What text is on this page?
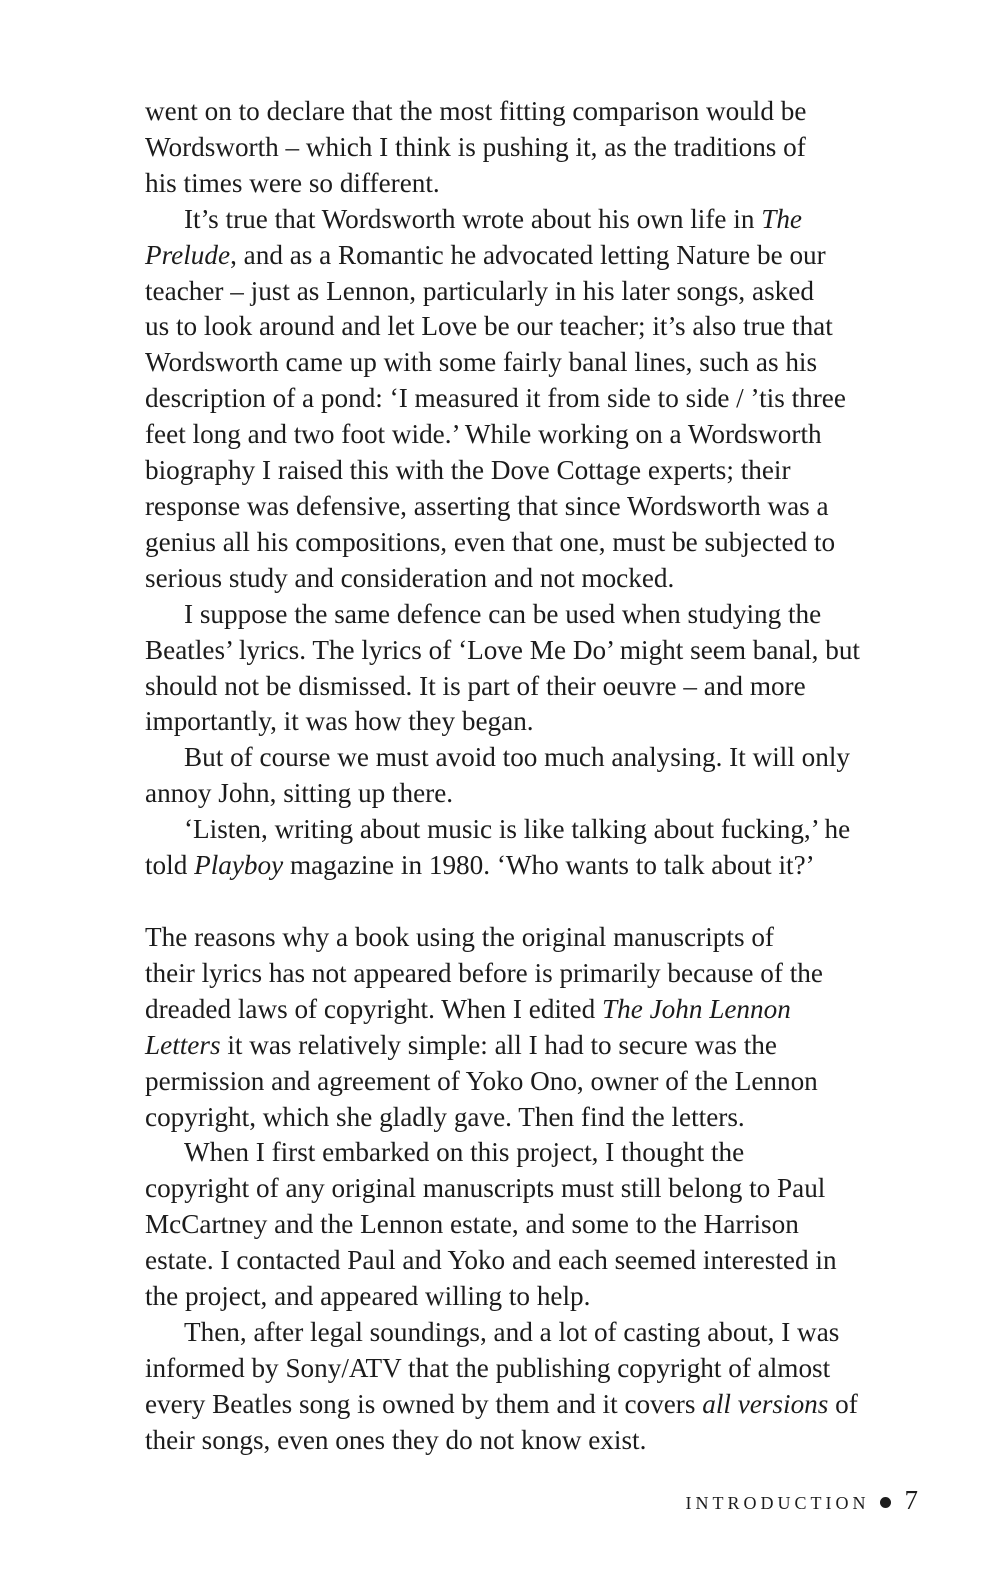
went on to declare that the most fitting comparison would be
Wordsworth – which I think is pushing it, as the traditions of
his times were so different.
It’s true that Wordsworth wrote about his own life in The
Prelude, and as a Romantic he advocated letting Nature be our
teacher – just as Lennon, particularly in his later songs, asked
us to look around and let Love be our teacher; it’s also true that
Wordsworth came up with some fairly banal lines, such as his
description of a pond: ‘I measured it from side to side / ’tis three
feet long and two foot wide.’ While working on a Wordsworth
biography I raised this with the Dove Cottage experts; their
response was defensive, asserting that since Wordsworth was a
genius all his compositions, even that one, must be subjected to
serious study and consideration and not mocked.
I suppose the same defence can be used when studying the
Beatles’ lyrics. The lyrics of ‘Love Me Do’ might seem banal, but
should not be dismissed. It is part of their oeuvre – and more
importantly, it was how they began.
But of course we must avoid too much analysing. It will only
annoy John, sitting up there.
‘Listen, writing about music is like talking about fucking,’ he
told Playboy magazine in 1980. ‘Who wants to talk about it?’
The reasons why a book using the original manuscripts of
their lyrics has not appeared before is primarily because of the
dreaded laws of copyright. When I edited The John Lennon
Letters it was relatively simple: all I had to secure was the
permission and agreement of Yoko Ono, owner of the Lennon
copyright, which she gladly gave. Then find the letters.
When I first embarked on this project, I thought the
copyright of any original manuscripts must still belong to Paul
McCartney and the Lennon estate, and some to the Harrison
estate. I contacted Paul and Yoko and each seemed interested in
the project, and appeared willing to help.
Then, after legal soundings, and a lot of casting about, I was
informed by Sony/ATV that the publishing copyright of almost
every Beatles song is owned by them and it covers all versions of
their songs, even ones they do not know exist.
INTRODUCTION 7
